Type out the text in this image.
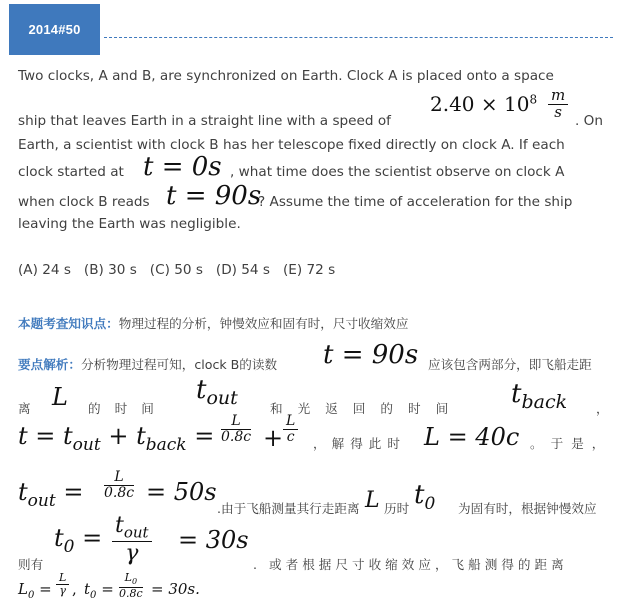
2014#50
Two clocks, A and B, are synchronized on Earth. Clock A is placed onto a space
ship that leaves Earth in a straight line with a speed of
$2.40 \times 10^8 \frac{m}{s}$
. On
Earth, a scientist with clock B has her telescope fixed directly on clock A. If each
clock started at t = 0s , what time does the scientist observe on clock A
when clock B reads t = 90s
? Assume the time of acceleration for the ship
leaving the Earth was negligible.
(A) 24 s   (B) 30 s   (C) 50 s   (D) 54 s   (E) 72 s
本题考查知识点：物理过程的分析，钟慢效应和固有时，尺寸收缩效应
要点解析：分析物理过程可知，clock B的读数 t = 90s 应该包含两部分，即飞船走距
离 L 的时间
$t_{out}$	和光返回的时间 $t_{back}$ ，
$t = t_{out} + t_{back} = \frac{L}{0.8c} + \frac{L}{c}$ ，解得此时 L = 40c 。于是，
$t_{out} = \frac{L}{0.8c} = 50s$
.由于飞船测量其行走距离 L 历时 $t_0$ 为固有时，根据钟慢效应
则有
$t_0 = t_{out}$
γ	= 30s
. 或者根据尺寸收缩效应，飞船测得的距离
$L_0 = \frac{L}{\gamma}$ , $t_0 = \frac{L_0}{0.8c} = 30s$.
